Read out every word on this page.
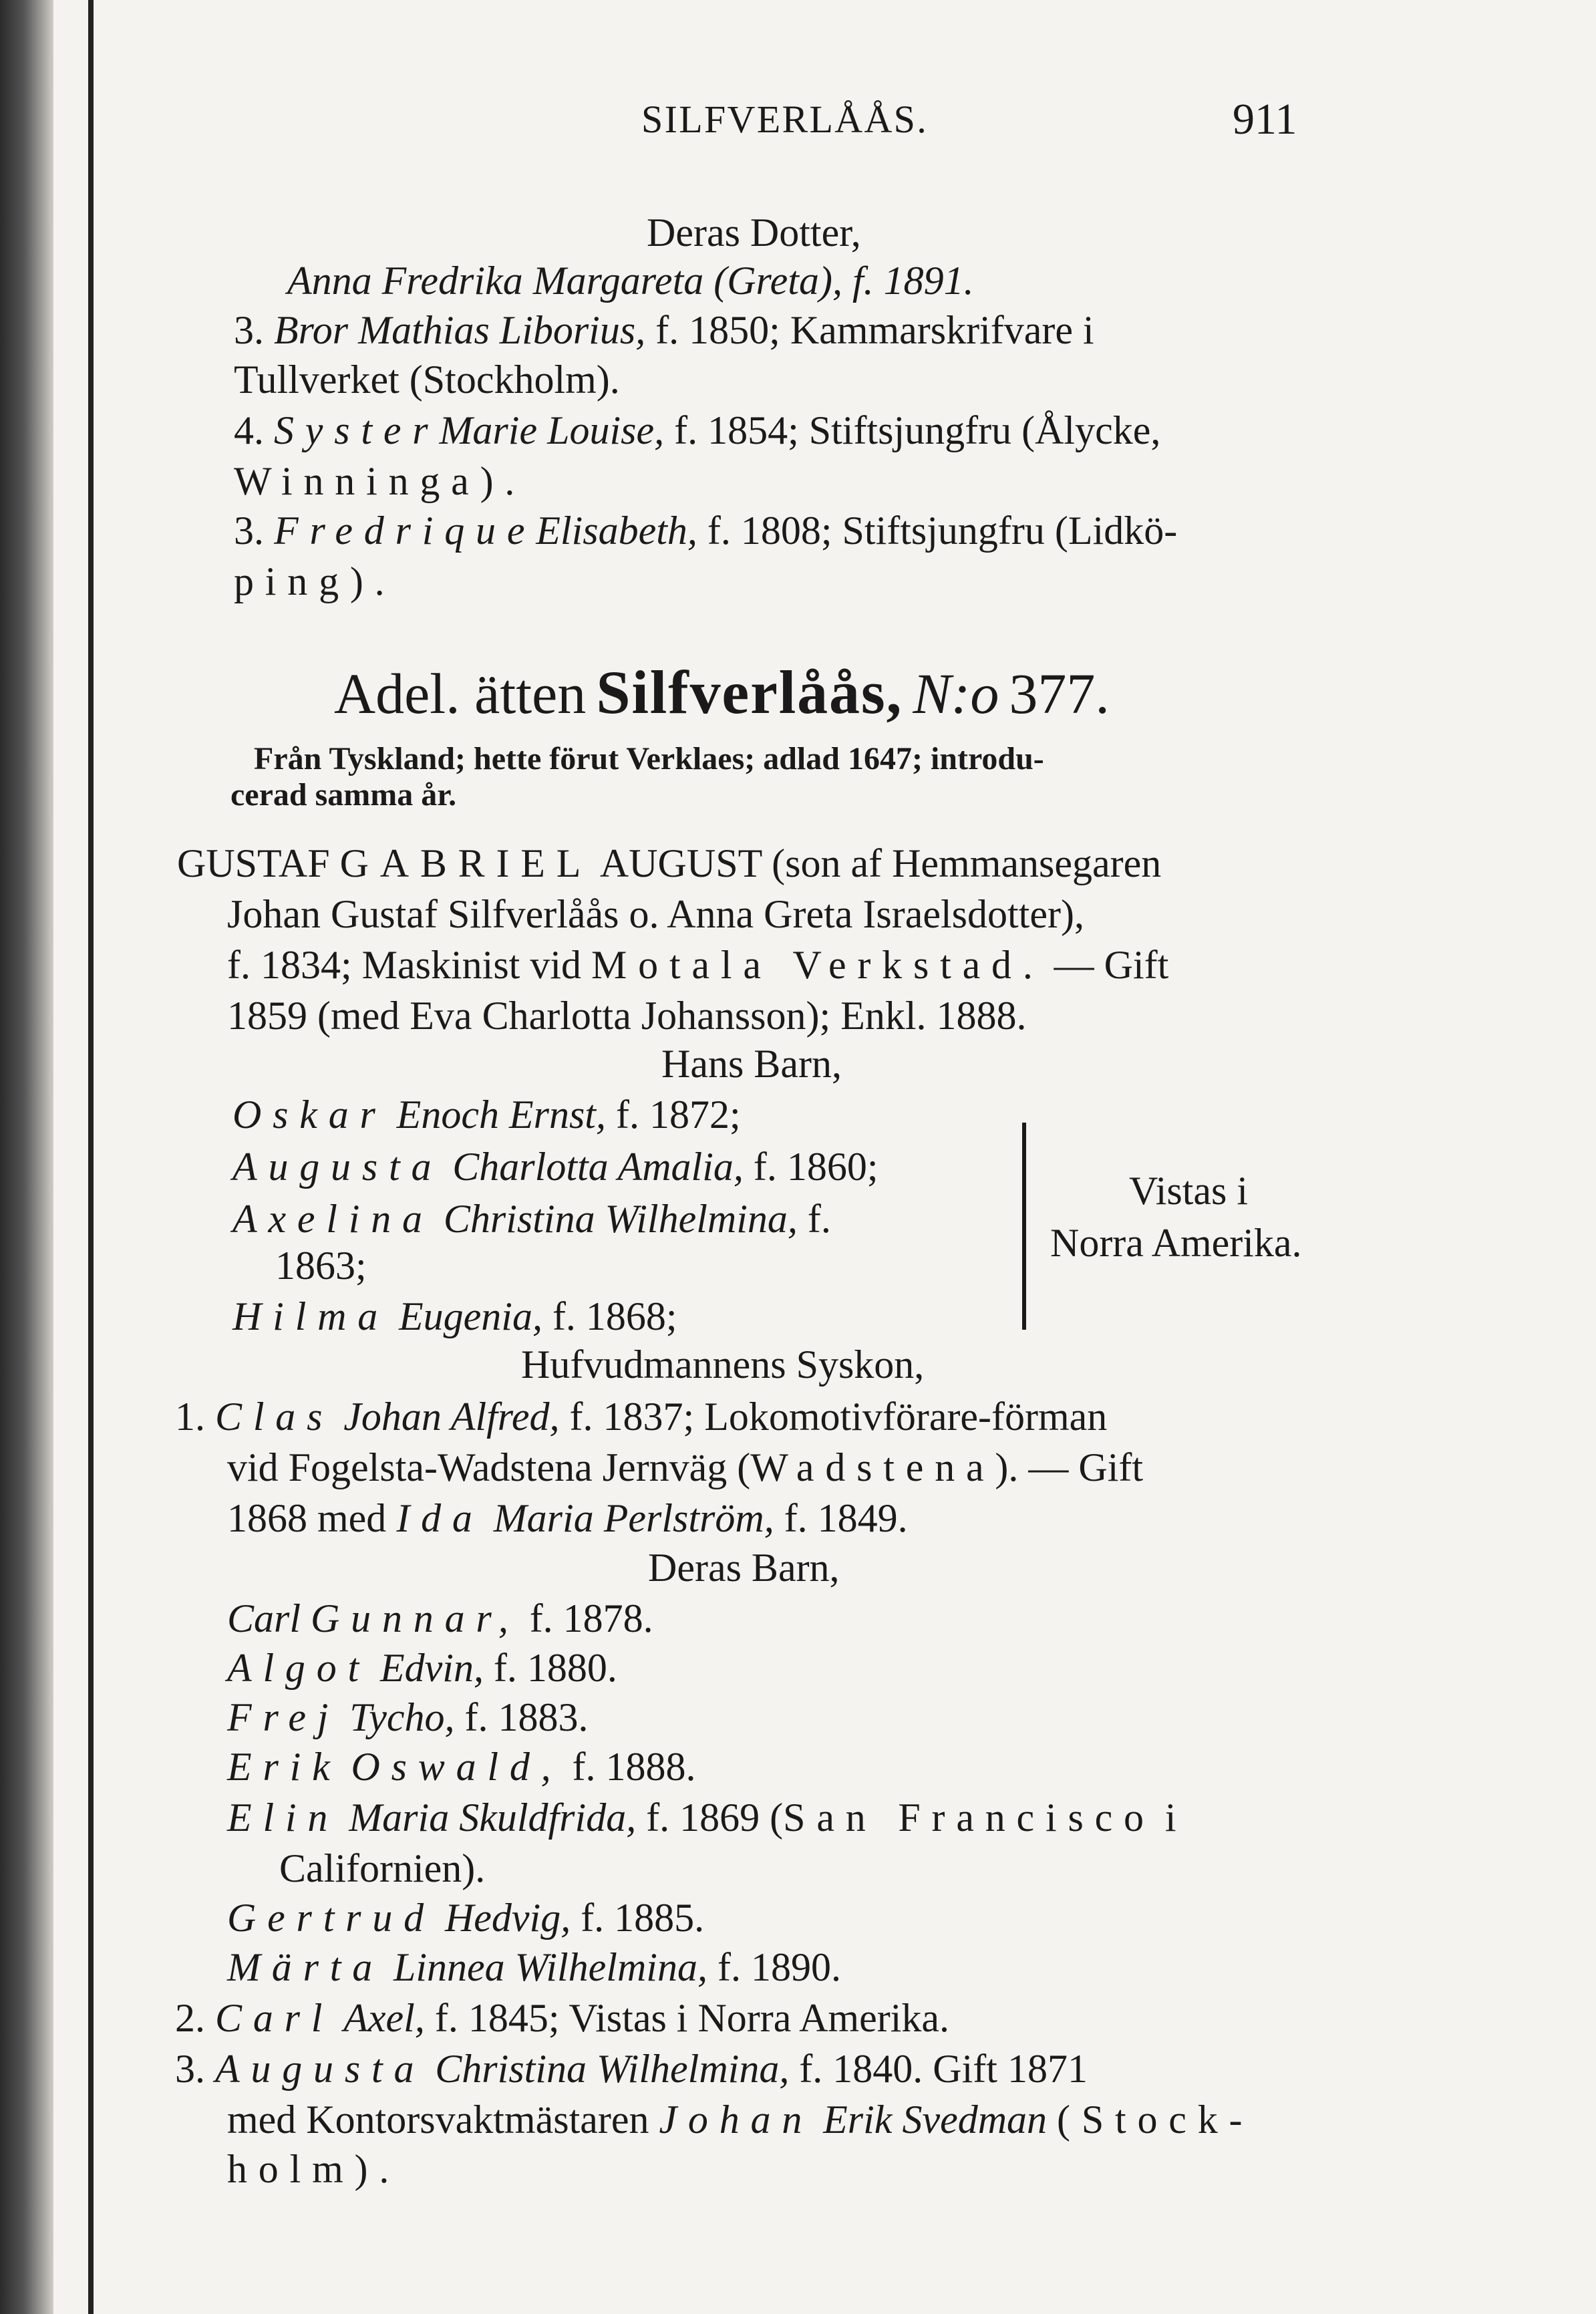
SILFVERLÅÅS.	911
Deras Dotter,
Anna Fredrika Margareta (Greta), f. 1891.
3. Bror Mathias Liborius, f. 1850; Kammarskrifvare i
Tullverket (Stockholm).
4. SysterMarie Louise, f. 1854; Stiftsjungfru (Ålycke,
Winninga).
3. FredriqueElisabeth, f. 1808; Stiftsjungfru (Lidkö-
ping).
Adel. ätten Silfverlåås, N:o 377.
Från Tyskland; hette förut Verklaes; adlad 1647; introdu-
cerad samma år.
GUSTAF GABRIEL AUGUST (son af Hemmansegaren
Johan Gustaf Silfverlåås o. Anna Greta Israelsdotter),
f. 1834; Maskinist vid Motala Verkstad. — Gift
1859 (med Eva Charlotta Johansson); Enkl. 1888.
Hans Barn,
Oskar Enoch Ernst, f. 1872;
Augusta Charlotta Amalia, f. 1860;
Axelina Christina Wilhelmina, f.
1863;
Hilma Eugenia, f. 1868;
Vistas i
Norra Amerika.
Hufvudmannens Syskon,
1. Clas Johan Alfred, f. 1837; Lokomotivförare-förman
vid Fogelsta-Wadstena Jernväg (Wadstena). — Gift
1868 med Ida Maria Perlström, f. 1849.
Deras Barn,
Carl Gunnar, f. 1878.
Algot Edvin, f. 1880.
Frej Tycho, f. 1883.
Erik Oswald, f. 1888.
Elin Maria Skuldfrida, f. 1869 (San Francisco i
Californien).
Gertrud Hedvig, f. 1885.
Märta Linnea Wilhelmina, f. 1890.
2. Carl Axel, f. 1845; Vistas i Norra Amerika.
3. Augusta Christina Wilhelmina, f. 1840. Gift 1871
med Kontorsvaktmästaren Johan Erik Svedman (Stock-
holm).
